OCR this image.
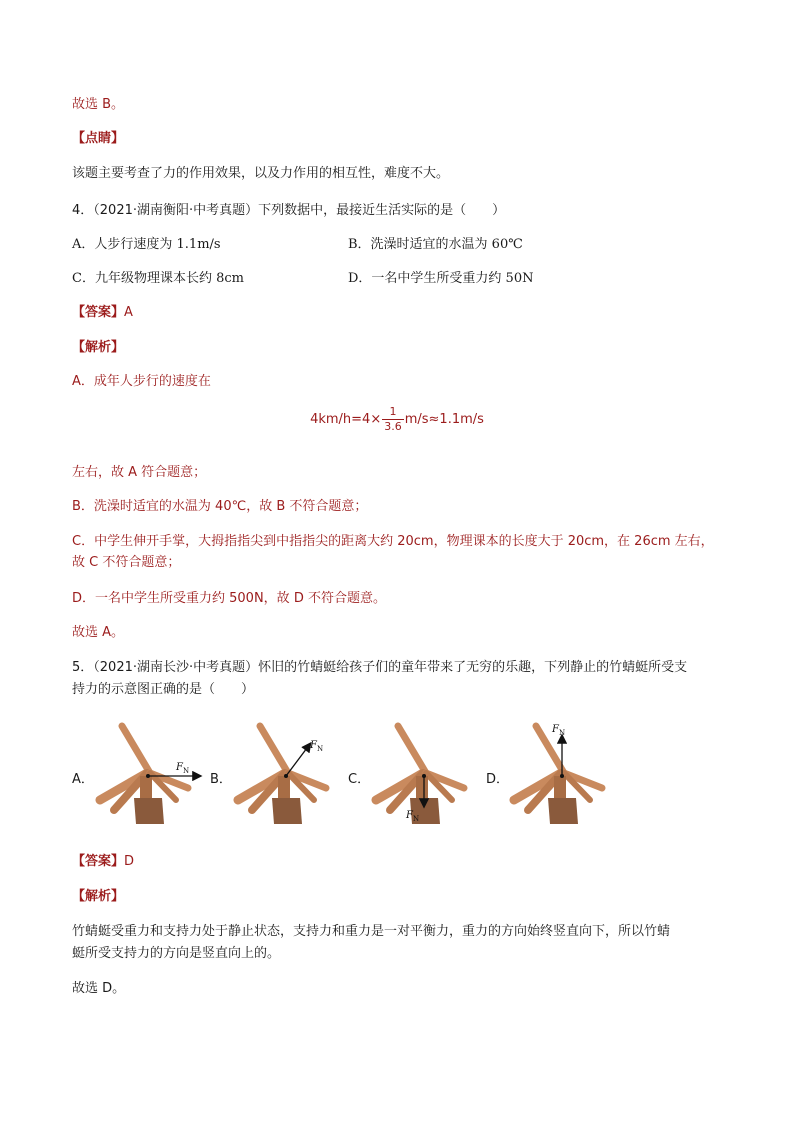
故选 B。
【点睛】
该题主要考查了力的作用效果，以及力作用的相互性，难度不大。
4．（2021·湖南衡阳·中考真题）下列数据中，最接近生活实际的是（　　）
A．人步行速度为 1.1m/s	B．洗澡时适宜的水温为 60℃
C．九年级物理课本长约 8cm	D．一名中学生所受重力约 50N
【答案】A
【解析】
A．成年人步行的速度在
$4km/h=4\times \frac{1}{3.6} m/s\approx 1.1m/s$
左右，故 A 符合题意；
B．洗澡时适宜的水温为 40℃，故 B 不符合题意；
C．中学生伸开手掌，大拇指指尖到中指指尖的距离大约 20cm，物理课本的长度大于 20cm，在 26cm 左右，
故 C 不符合题意；
D．一名中学生所受重力约 500N，故 D 不符合题意。
故选 A。
5．（2021·湖南长沙·中考真题）怀旧的竹蜻蜓给孩子们的童年带来了无穷的乐趣，下列静止的竹蜻蜓所受支
持力的示意图正确的是（　　）
A．	B．	C．	D．
F N
F N
F N
F N
【答案】D
【解析】
竹蜻蜓受重力和支持力处于静止状态，支持力和重力是一对平衡力，重力的方向始终竖直向下，所以竹蜻
蜓所受支持力的方向是竖直向上的。
故选 D。
